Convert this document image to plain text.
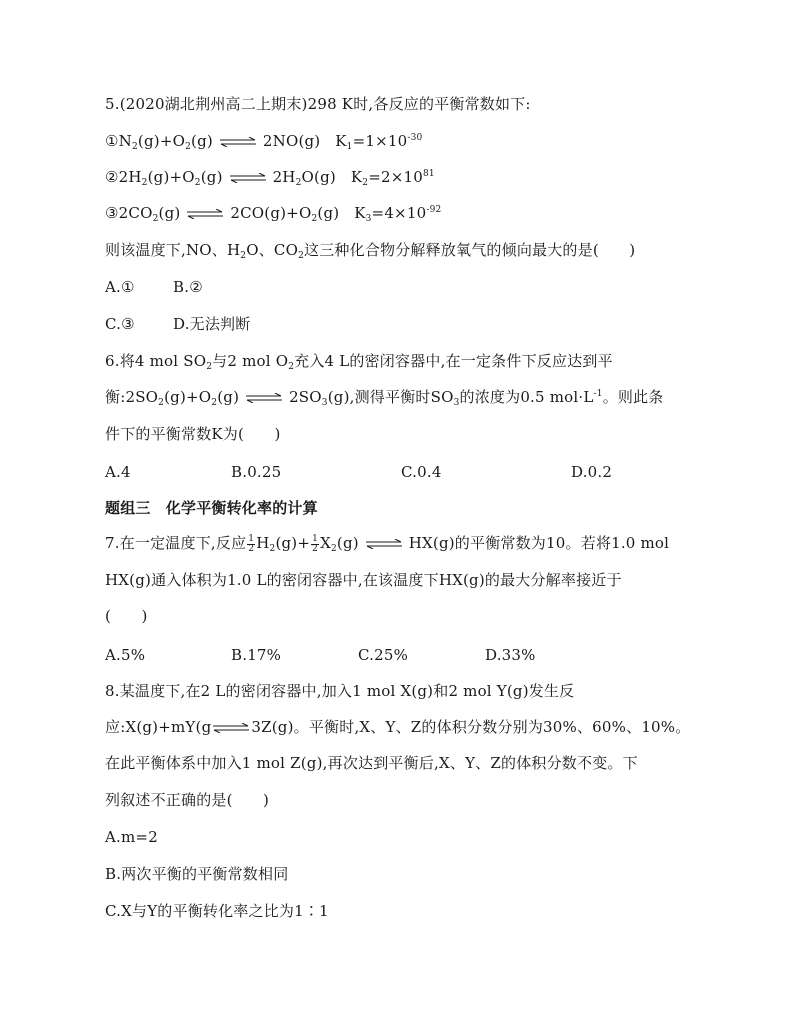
5.(2020湖北荆州高二上期末)298 K时,各反应的平衡常数如下:
$①N_2(g)+O_2(g)$ ⇌ 2NO(g) $K_1=1\times 10^{-30}$
$②2H_2(g)+O_2(g)$ ⇌ $2H_2O(g)$ $K_2=2\times 10^{81}$
$③2CO_2(g)$ ⇌ $2CO(g)+O_2(g)$ $K_3=4\times 10^{-92}$
则该温度下,NO、$H_2O$、$CO_2$这三种化合物分解释放氧气的倾向最大的是(　　)
A.①	B.②
C.③	D.无法判断
6.将4 mol $SO_2$与2 mol $O_2$充入4 L的密闭容器中,在一定条件下反应达到平
衡$:2SO_2(g)+O_2(g)$ ⇌ $2SO_3(g)$,测得平衡时$SO_3$的浓度为0.5 $mol\cdot L^{-1}$。则此条
件下的平衡常数K为(　　)
A.4	B.0.25	C.0.4	D.0.2
题组三　化学平衡转化率的计算
7.在一定温度下,反应 $\frac{1}{2} H_2(g)+ \frac{1}{2} X_2(g)$ ⇌ HX(g)的平衡常数为10。若将1.0 mol
HX(g)通入体积为1.0 L的密闭容器中,在该温度下HX(g)的最大分解率接近于
(　　)
A.5%	B.17%	C.25%	D.33%
8.某温度下,在2 L的密闭容器中,加入1 mol X(g)和2 mol Y(g)发生反
应:X(g)+mY(g ⇌ 3Z(g)。平衡时,X、Y、Z的体积分数分别为30%、60%、10%。
在此平衡体系中加入1 mol Z(g),再次达到平衡后,X、Y、Z的体积分数不变。下
列叙述不正确的是(　　)
A.m=2
B.两次平衡的平衡常数相同
C.X与Y的平衡转化率之比为1∶1
